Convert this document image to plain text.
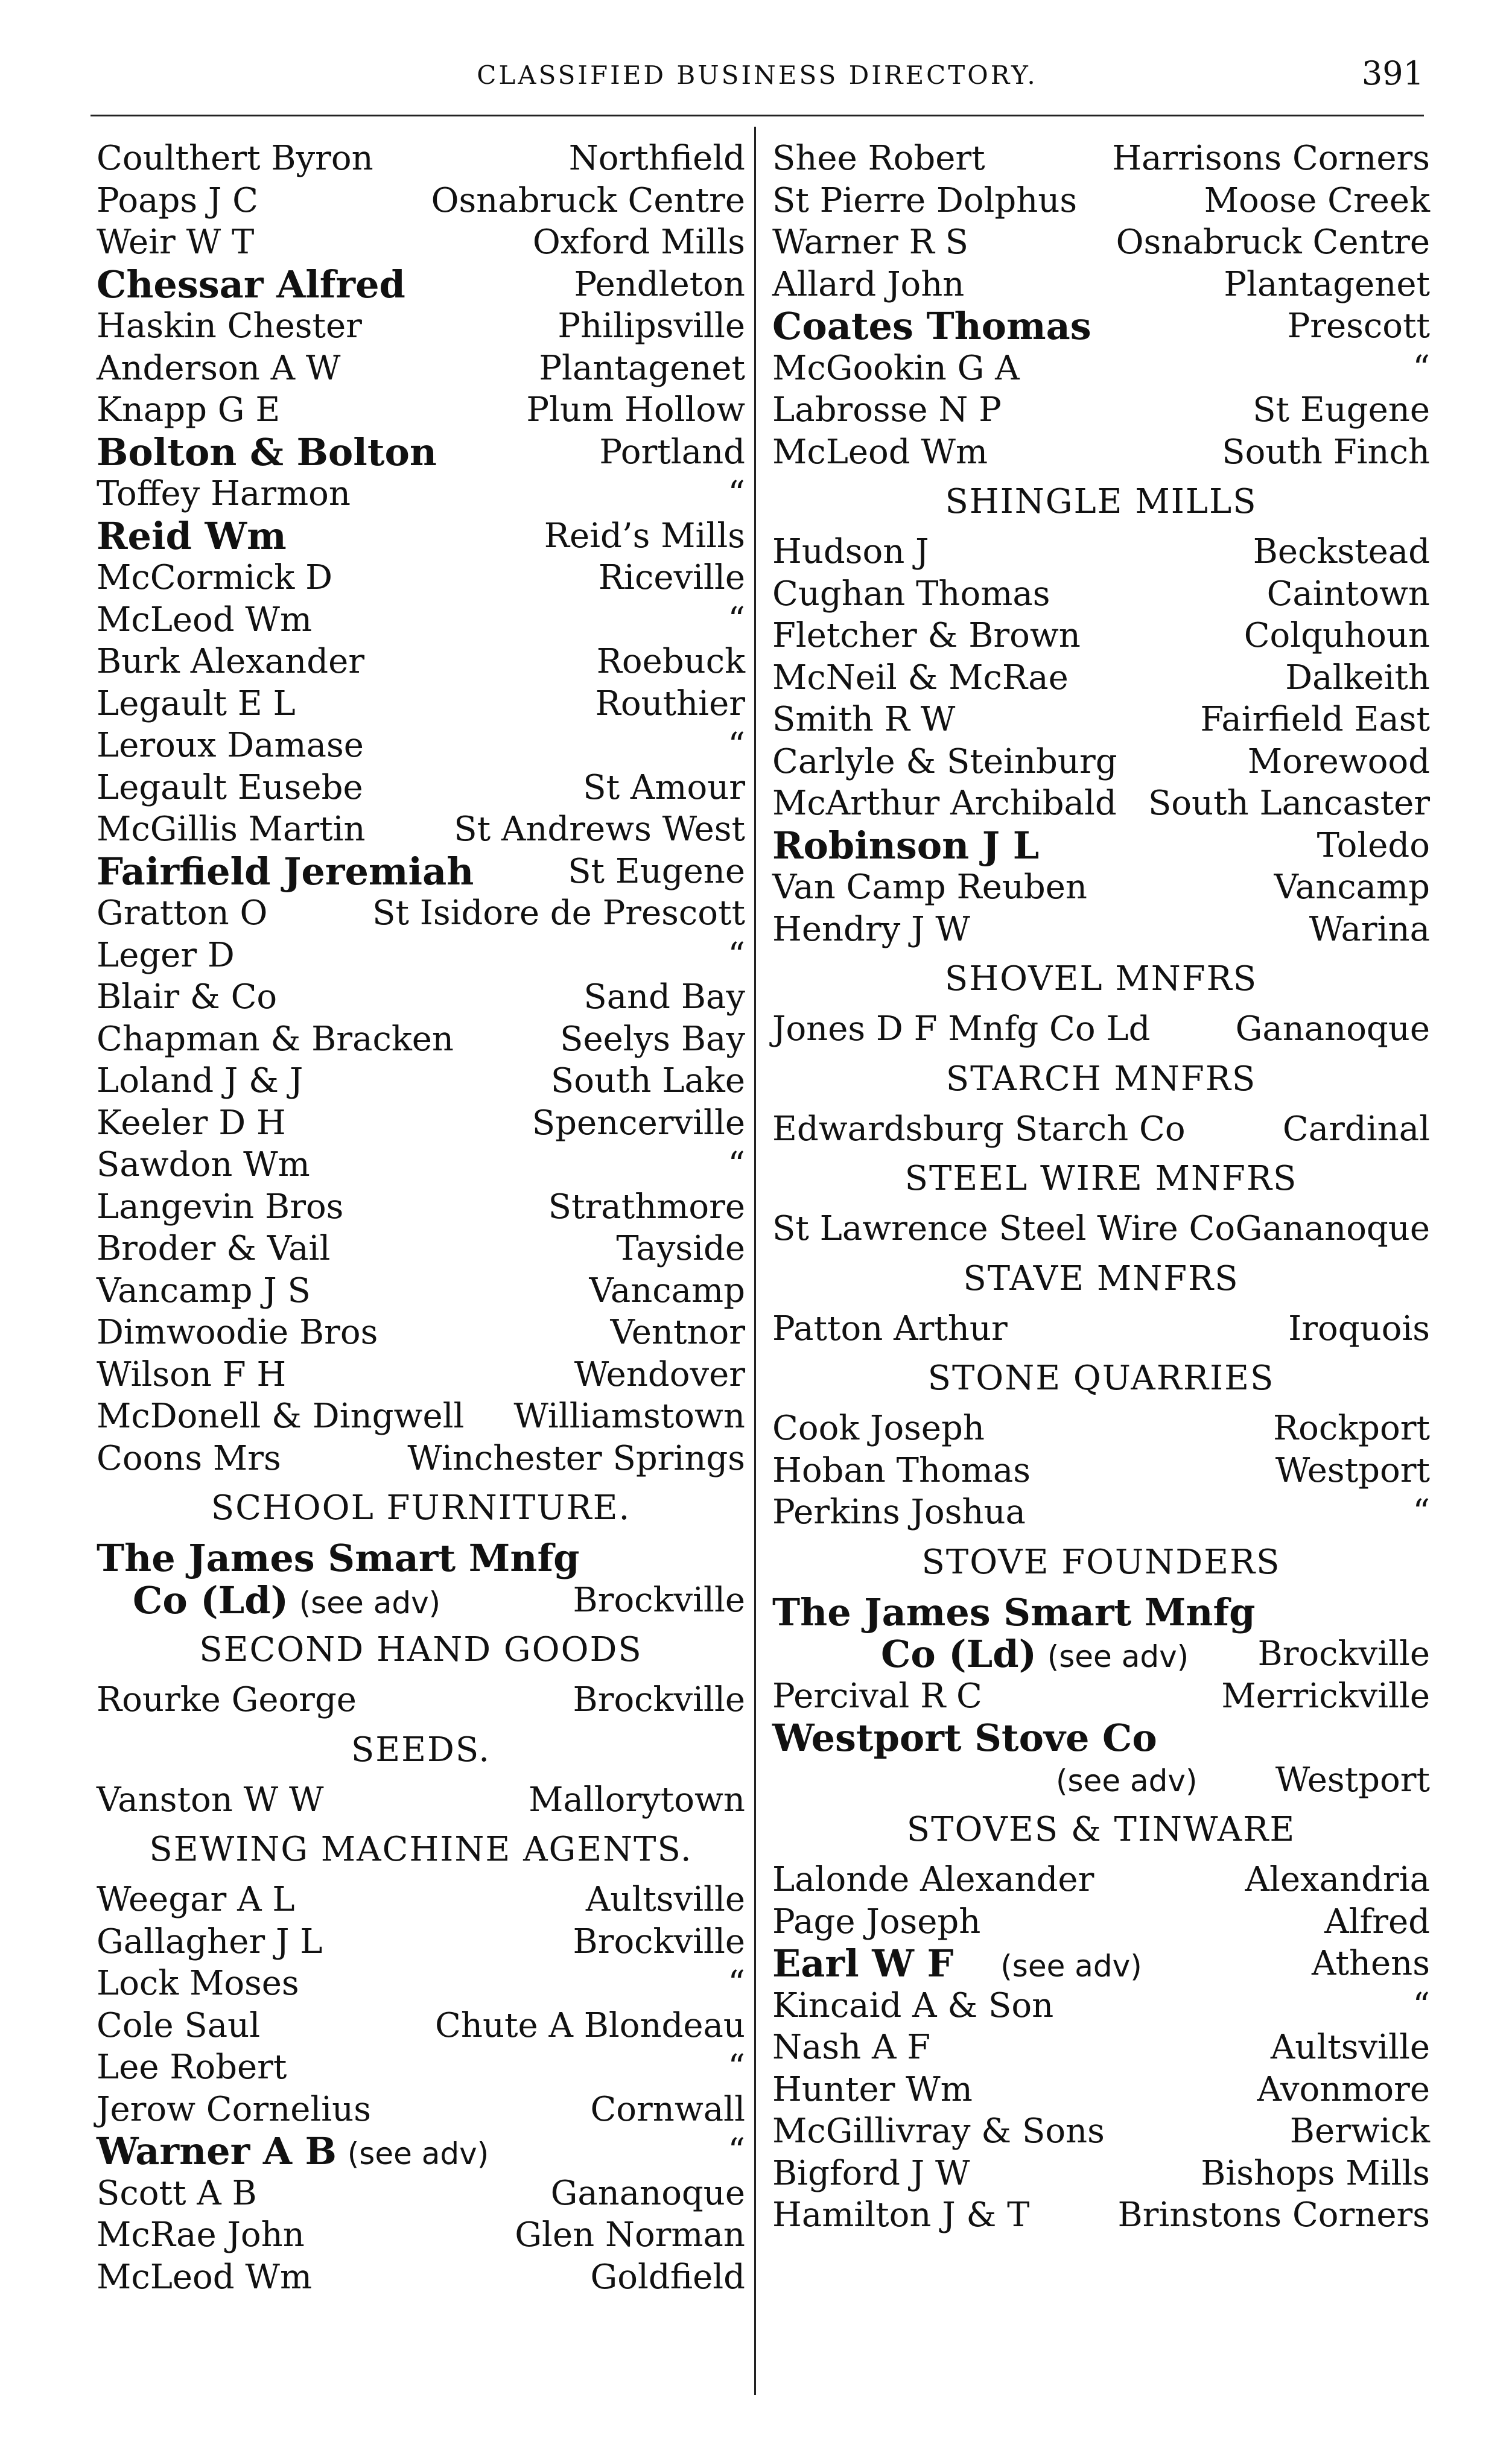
CLASSIFIED BUSINESS DIRECTORY.	391
Coulthert Byron	Northfield
Poaps J C	Osnabruck Centre
Weir W T	Oxford Mills
Chessar Alfred	Pendleton
Haskin Chester	Philipsville
Anderson A W	Plantagenet
Knapp G E	Plum Hollow
Bolton & Bolton	Portland
Toffey Harmon	“
Reid Wm	Reid’s Mills
McCormick D	Riceville
McLeod Wm	“
Burk Alexander	Roebuck
Legault E L	Routhier
Leroux Damase	“
Legault Eusebe	St Amour
McGillis Martin	St Andrews West
Fairfield Jeremiah	St Eugene
Gratton O	St Isidore de Prescott
Leger D	“
Blair & Co	Sand Bay
Chapman & Bracken	Seelys Bay
Loland J & J	South Lake
Keeler D H	Spencerville
Sawdon Wm	“
Langevin Bros	Strathmore
Broder & Vail	Tayside
Vancamp J S	Vancamp
Dimwoodie Bros	Ventnor
Wilson F H	Wendover
McDonell & Dingwell Williamstown
Coons Mrs	Winchester Springs
SCHOOL FURNITURE.
The James Smart Mnfg
Co (Ld) (see adv)	Brockville
SECOND HAND GOODS
Rourke George	Brockville
SEEDS.
Vanston W W	Mallorytown
SEWING MACHINE AGENTS.
Weegar A L	Aultsville
Gallagher J L	Brockville
Lock Moses	“
Cole Saul	Chute A Blondeau
Lee Robert	“
Jerow Cornelius	Cornwall
Warner A B (see adv)	“
Scott A B	Gananoque
McRae John	Glen Norman
McLeod Wm	Goldfield
Shee Robert	Harrisons Corners
St Pierre Dolphus	Moose Creek
Warner R S	Osnabruck Centre
Allard John	Plantagenet
Coates Thomas	Prescott
McGookin G A	“
Labrosse N P	St Eugene
McLeod Wm	South Finch
SHINGLE MILLS
Hudson J	Beckstead
Cughan Thomas	Caintown
Fletcher & Brown	Colquhoun
McNeil & McRae	Dalkeith
Smith R W	Fairfield East
Carlyle & Steinburg	Morewood
McArthur Archibald South Lancaster
Robinson J L	Toledo
Van Camp Reuben	Vancamp
Hendry J W	Warina
SHOVEL MNFRS
Jones D F Mnfg Co Ld	Gananoque
STARCH MNFRS
Edwardsburg Starch Co	Cardinal
STEEL WIRE MNFRS
St Lawrence Steel Wire Co Gananoque
STAVE MNFRS
Patton Arthur	Iroquois
STONE QUARRIES
Cook Joseph	Rockport
Hoban Thomas	Westport
Perkins Joshua	“
STOVE FOUNDERS
The James Smart Mnfg
Co (Ld) (see adv) Brockville
Percival R C	Merrickville
Westport Stove Co
(see adv) Westport
STOVES & TINWARE
Lalonde Alexander	Alexandria
Page Joseph	Alfred
Earl W F (see adv)	Athens
Kincaid A & Son	“
Nash A F	Aultsville
Hunter Wm	Avonmore
McGillivray & Sons	Berwick
Bigford J W	Bishops Mills
Hamilton J & T	Brinstons Corners
